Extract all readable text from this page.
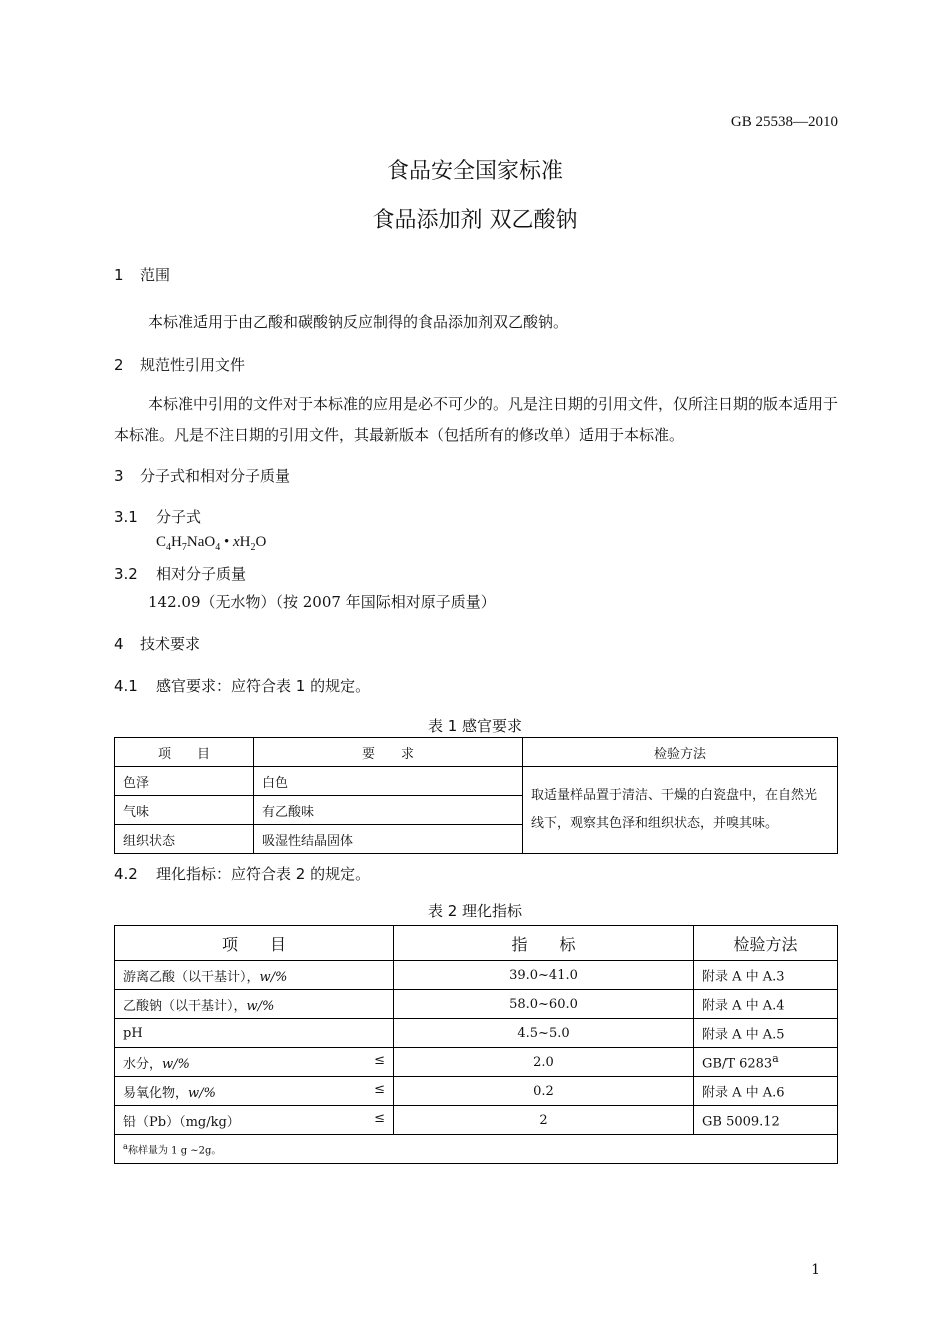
GB 25538—2010
食品安全国家标准
食品添加剂 双乙酸钠
1 范围
本标准适用于由乙酸和碳酸钠反应制得的食品添加剂双乙酸钠。
2 规范性引用文件
本标准中引用的文件对于本标准的应用是必不可少的。凡是注日期的引用文件，仅所注日期的版本适用于本标准。凡是不注日期的引用文件，其最新版本（包括所有的修改单）适用于本标准。
3 分子式和相对分子质量
3.1 分子式
$C_4H_7NaO_4$ • $xH_2O$
3.2 相对分子质量
142.09（无水物）（按 2007 年国际相对原子质量）
4 技术要求
4.1 感官要求：应符合表 1 的规定。
表 1 感官要求
项　　目	要　　求	检验方法
色泽	白色	取适量样品置于清洁、干燥的白瓷盘中，在自然光线下，观察其色泽和组织状态，并嗅其味。
气味	有乙酸味	
组织状态	吸湿性结晶固体	
4.2 理化指标：应符合表 2 的规定。
表 2 理化指标
项　　目	指　　标	检验方法
游离乙酸（以干基计），w/%	39.0~41.0	附录 A 中 A.3
乙酸钠（以干基计），w/%	58.0~60.0	附录 A 中 A.4
pH	4.5~5.0	附录 A 中 A.5
水分，w/% ≤	2.0	GB/T 6283$^a$
易氧化物，w/% ≤	0.2	附录 A 中 A.6
铅（Pb）（mg/kg） ≤	2	GB 5009.12
$^a$称样量为 1 g ~2g。		
1
